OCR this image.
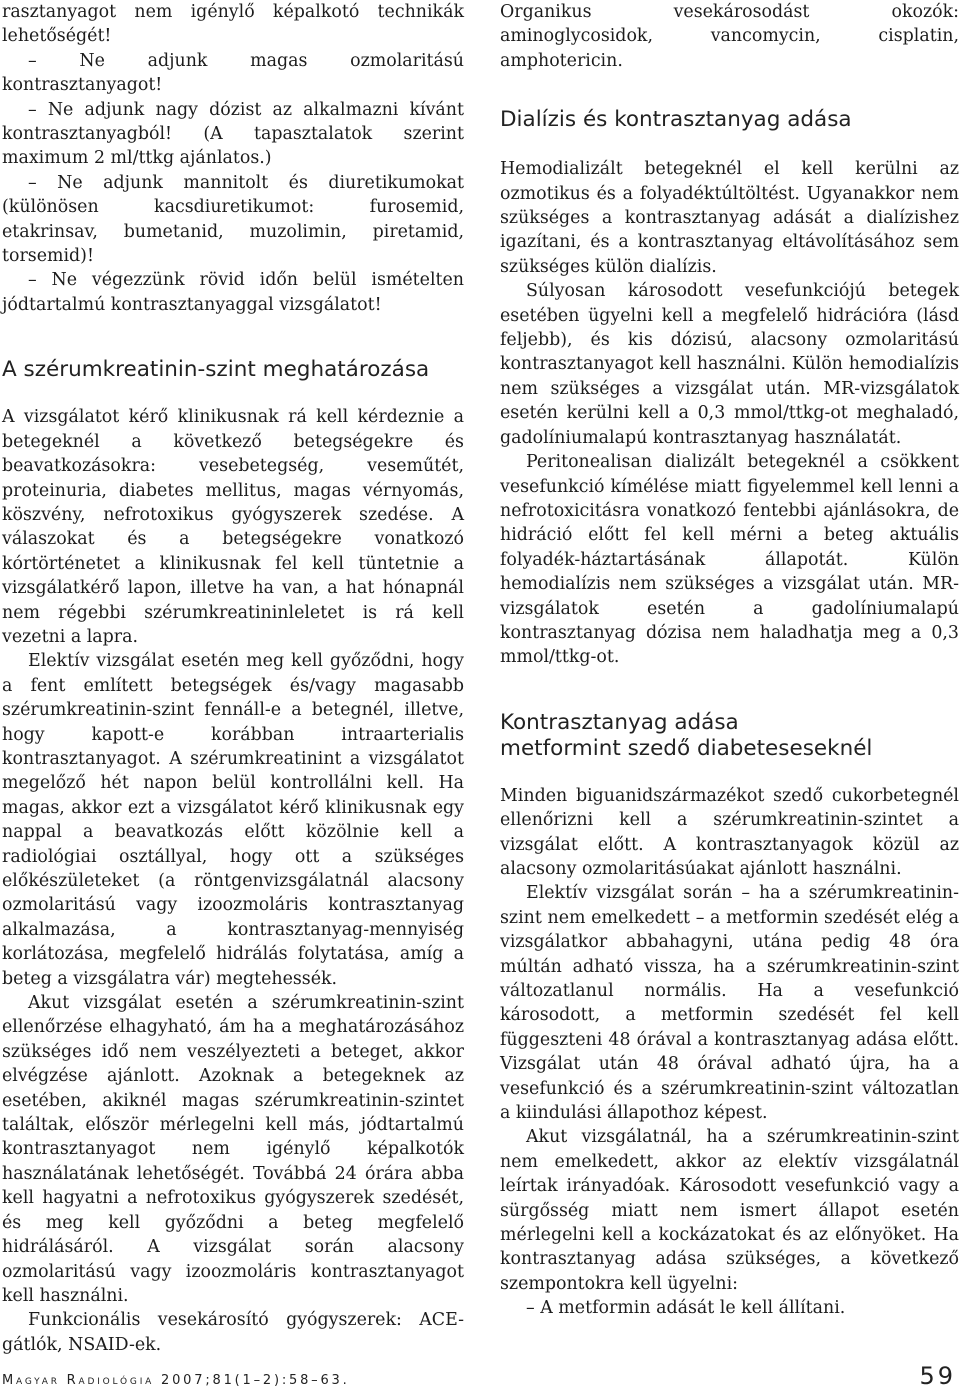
rasztanyagot nem igénylő képalkotó technikák lehetőségét!

– Ne adjunk magas ozmolaritású kontrasztanyagot!

– Ne adjunk nagy dózist az alkalmazni kívánt kontrasztanyagból! (A tapasztalatok szerint maximum 2 ml/ttkg ajánlatos.)

– Ne adjunk mannitolt és diuretikumokat (különösen kacsdiuretikumot: furosemid, etakrinsav, bumetanid, muzolimin, piretamid, torsemid)!

– Ne végezzünk rövid időn belül ismételten jódtartalmú kontrasztanyaggal vizsgálatot!

A szérumkreatinin-szint meghatározása

A vizsgálatot kérő klinikusnak rá kell kérdeznie a betegeknél a következő betegségekre és beavatkozásokra: vesebetegség, veseműtét, proteinuria, diabetes mellitus, magas vérnyomás, köszvény, nefrotoxikus gyógyszerek szedése. A válaszokat és a betegségekre vonatkozó kórtörténetet a klinikusnak fel kell tüntetnie a vizsgálatkérő lapon, illetve ha van, a hat hónapnál nem régebbi szérumkreatininleletet is rá kell vezetni a lapra.

Elektív vizsgálat esetén meg kell győződni, hogy a fent említett betegségek és/vagy magasabb szérumkreatinin-szint fennáll-e a betegnél, illetve, hogy kapott-e korábban intraarterialis kontrasztanyagot. A szérumkreatinint a vizsgálatot megelőző hét napon belül kontrollálni kell. Ha magas, akkor ezt a vizsgálatot kérő klinikusnak egy nappal a beavatkozás előtt közölnie kell a radiológiai osztállyal, hogy ott a szükséges előkészületeket (a röntgenvizsgálatnál alacsony ozmolaritású vagy izoozmoláris kontrasztanyag alkalmazása, a kontrasztanyag-mennyiség korlátozása, megfelelő hidrálás folytatása, amíg a beteg a vizsgálatra vár) megtehessék.

Akut vizsgálat esetén a szérumkreatinin-szint ellenőrzése elhagyható, ám ha a meghatározásához szükséges idő nem veszélyezteti a beteget, akkor elvégzése ajánlott. Azoknak a betegeknek az esetében, akiknél magas szérumkreatinin-szintet találtak, először mérlegelni kell más, jódtartalmú kontrasztanyagot nem igénylő képalkotók használatának lehetőségét. Továbbá 24 órára abba kell hagyatni a nefrotoxikus gyógyszerek szedését, és meg kell győződni a beteg megfelelő hidrálásáról. A vizsgálat során alacsony ozmolaritású vagy izoozmoláris kontrasztanyagot kell használni.

Funkcionális vesekárosító gyógyszerek: ACE-gátlók, NSAID-ek.

Organikus vesekárosodást okozók: aminoglycosidok, vancomycin, cisplatin, amphotericin.

Dialízis és kontrasztanyag adása

Hemodializált betegeknél el kell kerülni az ozmotikus és a folyadéktúltöltést. Ugyanakkor nem szükséges a kontrasztanyag adását a dialízishez igazítani, és a kontrasztanyag eltávolításához sem szükséges külön dialízis.

Súlyosan károsodott vesefunkciójú betegek esetében ügyelni kell a megfelelő hidrációra (lásd feljebb), és kis dózisú, alacsony ozmolaritású kontrasztanyagot kell használni. Külön hemodialízis nem szükséges a vizsgálat után. MR-vizsgálatok esetén kerülni kell a 0,3 mmol/ttkg-ot meghaladó, gadolíniumalapú kontrasztanyag használatát.

Peritonealisan dializált betegeknél a csökkent vesefunkció kímélése miatt figyelemmel kell lenni a nefrotoxicitásra vonatkozó fentebbi ajánlásokra, de hidráció előtt fel kell mérni a beteg aktuális folyadék-háztartásának állapotát. Külön hemodialízis nem szükséges a vizsgálat után. MR-vizsgálatok esetén a gadolíniumalapú kontrasztanyag dózisa nem haladhatja meg a 0,3 mmol/ttkg-ot.

Kontrasztanyag adása
metformint szedő diabeteseseknél

Minden biguanidszármazékot szedő cukorbetegnél ellenőrizni kell a szérumkreatinin-szintet a vizsgálat előtt. A kontrasztanyagok közül az alacsony ozmolaritásúakat ajánlott használni.

Elektív vizsgálat során – ha a szérumkreatinin-szint nem emelkedett – a metformin szedését elég a vizsgálatkor abbahagyni, utána pedig 48 óra múltán adható vissza, ha a szérumkreatinin-szint változatlanul normális. Ha a vesefunkció károsodott, a metformin szedését fel kell függeszteni 48 órával a kontrasztanyag adása előtt. Vizsgálat után 48 órával adható újra, ha a vesefunkció és a szérumkreatinin-szint változatlan a kiindulási állapothoz képest.

Akut vizsgálatnál, ha a szérumkreatinin-szint nem emelkedett, akkor az elektív vizsgálatnál leírtak irányadóak. Károsodott vesefunkció vagy a sürgősség miatt nem ismert állapot esetén mérlegelni kell a kockázatokat és az előnyöket. Ha kontrasztanyag adása szükséges, a következő szempontokra kell ügyelni:

– A metformin adását le kell állítani.

Magyar Radiológia 2007;81(1–2):58–63.	59
